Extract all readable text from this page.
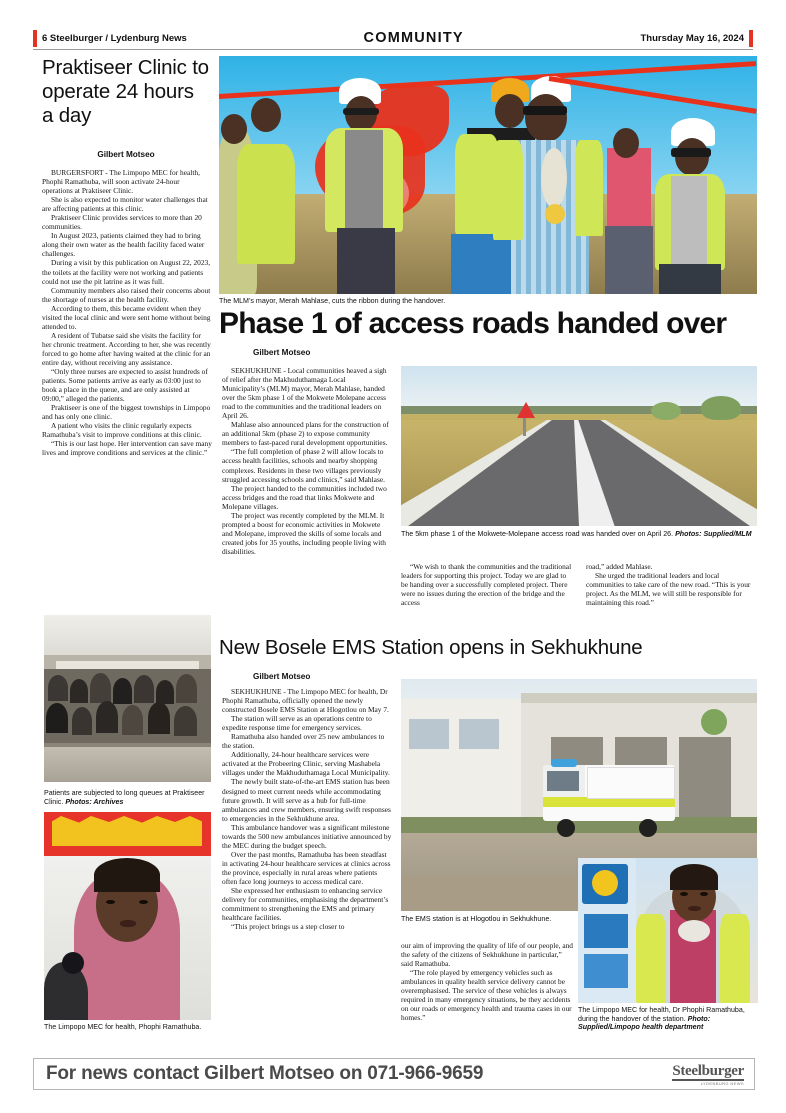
6 Steelburger / Lydenburg News	COMMUNITY	Thursday May 16, 2024
Praktiseer Clinic to operate 24 hours a day
Gilbert Motseo

BURGERSFORT - The Limpopo MEC for health, Phophi Ramathuba, will soon activate 24-hour operations at Praktiseer Clinic.

She is also expected to monitor water challenges that are affecting patients at this clinic.

Praktiseer Clinic provides services to more than 20 communities.

In August 2023, patients claimed they had to bring along their own water as the health facility faced water challenges.

During a visit by this publication on August 22, 2023, the toilets at the facility were not working and patients could not use the pit latrine as it was full.

Community members also raised their concerns about the shortage of nurses at the health facility.

According to them, this became evident when they visited the local clinic and were sent home without being attended to.

A resident of Tubatse said she visits the facility for her chronic treatment. According to her, she was recently forced to go home after having waited at the clinic for an entire day, without receiving any assistance.

“Only three nurses are expected to assist hundreds of patients. Some patients arrive as early as 03:00 just to book a place in the queue, and are only assisted at 09:00,” alleged the patients.

Praktiseer is one of the biggest townships in Limpopo and has only one clinic.

A patient who visits the clinic regularly expects Ramathuba’s visit to improve conditions at this clinic.

“This is our last hope. Her intervention can save many lives and improve conditions and services at the clinic.”

Patients are subjected to long queues at Praktiseer Clinic. Photos: Archives
The Limpopo MEC for health, Phophi Ramathuba.
The MLM’s mayor, Merah Mahlase, cuts the ribbon during the handover.
Phase 1 of access roads handed over
Gilbert Motseo

SEKHUKHUNE - Local communities heaved a sigh of relief after the Makhuduthamaga Local Municipality’s (MLM) mayor, Merah Mahlase, handed over the 5km phase 1 of the Mokwete Molepane access road to the communities and the traditional leaders on April 26.

Mahlase also announced plans for the construction of an additional 5km (phase 2) to expose community members to fast-paced rural development opportunities.

“The full completion of phase 2 will allow locals to access health facilities, schools and nearby shopping complexes. Residents in these two villages previously struggled accessing schools and clinics,” said Mahlase.

The project handed to the communities included two access bridges and the road that links Mokwete and Molepane villages.

The project was recently completed by the MLM. It prompted a boost for economic activities in Mokwete and Molepane, improved the skills of some locals and created jobs for 35 youths, including people living with disabilities.

The 5km phase 1 of the Mokwete-Molepane access road was handed over on April 26. Photos: Supplied/MLM

“We wish to thank the communities and the traditional leaders for supporting this project. Today we are glad to be handing over a successfully completed project. There were no issues during the erection of the bridge and the access

road,” added Mahlase.

She urged the traditional leaders and local communities to take care of the new road. “This is your project. As the MLM, we will still be responsible for maintaining this road.”

New Bosele EMS Station opens in Sekhukhune
Gilbert Motseo

SEKHUKHUNE - The Limpopo MEC for health, Dr Phophi Ramathuba, officially opened the newly constructed Bosele EMS Station at Hlogotlou on May 7.

The station will serve as an operations centre to expedite response time for emergency services.

Ramathuba also handed over 25 new ambulances to the station.

Additionally, 24-hour healthcare services were activated at the Probeering Clinic, serving Mashabela villages under the Makhuduthamaga Local Municipality.

The newly built state-of-the-art EMS station has been designed to meet current needs while accommodating future growth. It will serve as a hub for full-time ambulances and crew members, ensuring swift responses to emergencies in the Sekhukhune area.

This ambulance handover was a significant milestone towards the 500 new ambulances initiative announced by the MEC during the budget speech.

Over the past months, Ramathuba has been steadfast in activating 24-hour healthcare services at clinics across the province, especially in rural areas where patients often face long journeys to access medical care.

She expressed her enthusiasm to enhancing service delivery for communities, emphasising the department’s commitment to strengthening the EMS and primary healthcare facilities.

“This project brings us a step closer to

The EMS station is at Hlogotlou in Sekhukhune.

our aim of improving the quality of life of our people, and the safety of the citizens of Sekhukhune in particular,” said Ramathuba.

“The role played by emergency vehicles such as ambulances in quality health service delivery cannot be overemphasised. The service of these vehicles is always required in many emergency situations, be they accidents on our roads or emergency health and trauma cases in our homes.”

The Limpopo MEC for health, Dr Phophi Ramathuba, during the handover of the station. Photo: Supplied/Limpopo health department
For news contact Gilbert Motseo on 071-966-9659	Steelburger
LYDENBURG NEWS
